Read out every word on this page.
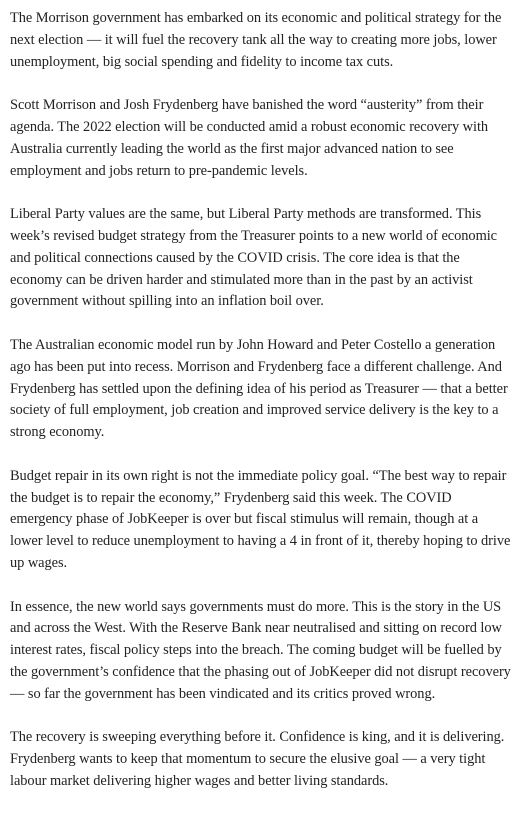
The Morrison government has embarked on its economic and political strategy for the next election — it will fuel the recovery tank all the way to creating more jobs, lower unemployment, big social spending and fidelity to income tax cuts.

Scott Morrison and Josh Frydenberg have banished the word “austerity” from their agenda. The 2022 election will be conducted amid a robust economic recovery with Australia currently leading the world as the first major advanced nation to see employment and jobs return to pre-pandemic levels.

Liberal Party values are the same, but Liberal Party methods are transformed. This week’s revised budget strategy from the Treasurer points to a new world of economic and political connections caused by the COVID crisis. The core idea is that the economy can be driven harder and stimulated more than in the past by an activist government without spilling into an inflation boil over.

The Australian economic model run by John Howard and Peter Costello a generation ago has been put into recess. Morrison and Frydenberg face a different challenge. And Frydenberg has settled upon the defining idea of his period as Treasurer — that a better society of full employment, job creation and improved service delivery is the key to a strong economy.

Budget repair in its own right is not the immediate policy goal. “The best way to repair the budget is to repair the economy,” Frydenberg said this week. The COVID emergency phase of JobKeeper is over but fiscal stimulus will remain, though at a lower level to reduce unemployment to having a 4 in front of it, thereby hoping to drive up wages.

In essence, the new world says governments must do more. This is the story in the US and across the West. With the Reserve Bank near neutralised and sitting on record low interest rates, fiscal policy steps into the breach. The coming budget will be fuelled by the government’s confidence that the phasing out of JobKeeper did not disrupt recovery — so far the government has been vindicated and its critics proved wrong.

The recovery is sweeping everything before it. Confidence is king, and it is delivering. Frydenberg wants to keep that momentum to secure the elusive goal — a very tight labour market delivering higher wages and better living standards.
